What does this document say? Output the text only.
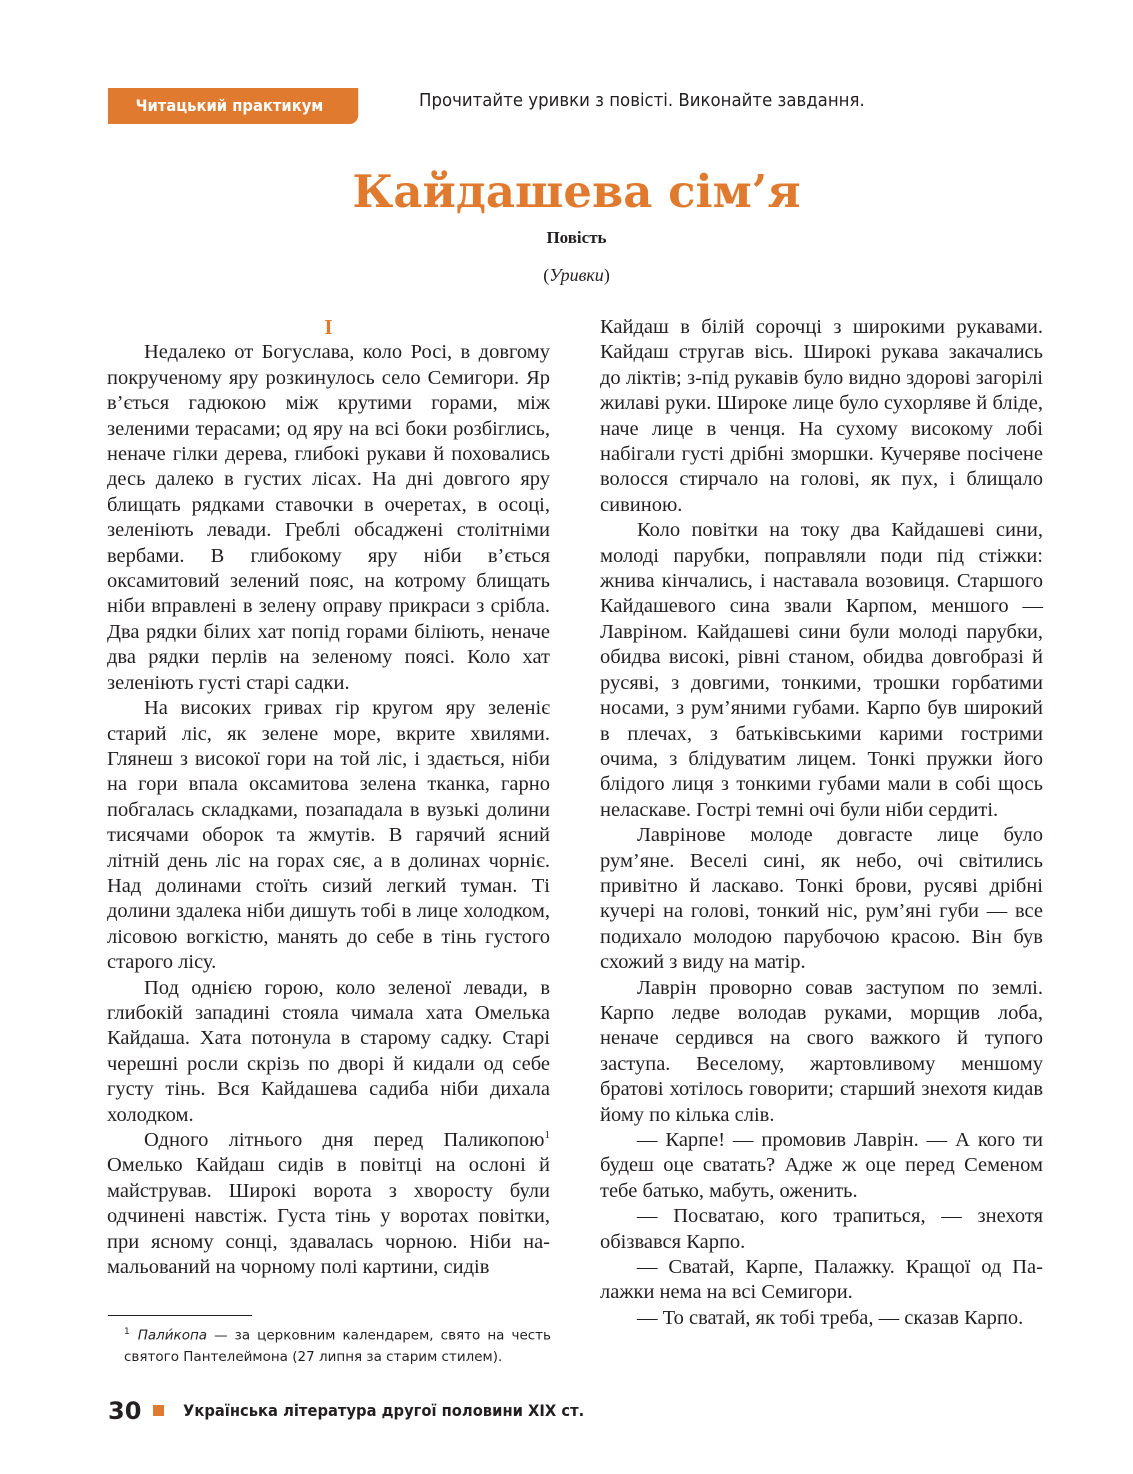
Читацький практикум	Прочитайте уривки з повісті. Виконайте завдання.
Кайдашева сім’я
Повість
(Уривки)
I

Недалеко от Богуслава, коло Росі, в довгому покрученому яру розкинулось село Семигори. Яр в’ється гадюкою між крутими горами, між зеленими терасами; од яру на всі боки розбіглись, неначе гілки дерева, глибокі рукави й поховались десь далеко в густих лісах. На дні довгого яру блищать рядками ставочки в очеретах, в осоці, зеленіють левади. Греблі обсаджені столітніми вербами. В глибокому яру ніби в’ється оксамитовий зелений пояс, на котрому блищать ніби вправлені в зелену оправу прикраси з срібла. Два рядки білих хат попід горами біліють, неначе два рядки перлів на зеленому поясі. Коло хат зеленіють густі старі садки.

На високих гривах гір кругом яру зеленіє старий ліс, як зелене море, вкрите хвилями. Глянеш з високої гори на той ліс, і здається, ніби на гори впала оксамитова зелена тканка, гарно побгалась складками, позападала в вузькі долини тисячами оборок та жмутів. В гарячий ясний літній день ліс на горах сяє, а в долинах чорніє. Над долинами стоїть сизий легкий туман. Ті долини здалека ніби дишуть тобі в лице холодком, лісовою вогкістю, манять до себе в тінь густого старого лісу.

Под однією горою, коло зеленої левади, в глибокій западині стояла чимала хата Омелька Кайдаша. Хата потонула в старому садку. Старі черешні росли скрізь по дворі й кидали од себе густу тінь. Вся Кайдашева садиба ніби дихала холодком.

Одного літнього дня перед Паликопою$^1$ Омелько Кайдаш сидів в повітці на ослоні й майстрував. Широкі ворота з хворосту були одчинені навстіж. Густа тінь у воротах повітки, при ясному сонці, здавалась чорною. Ніби намальований на чорному полі картини, сидів

Кайдаш в білій сорочці з широкими рукавами. Кайдаш стругав вісь. Широкі рукава закачались до ліктів; з-під рукавів було видно здорові загорілі жилаві руки. Широке лице було сухорляве й бліде, наче лице в ченця. На сухому високому лобі набігали густі дрібні зморшки. Кучеряве посічене волосся стирчало на голові, як пух, і блищало сивиною.

Коло повітки на току два Кайдашеві сини, молоді парубки, поправляли поди під стіжки: жнива кінчались, і наставала возовиця. Старшого Кайдашевого сина звали Карпом, меншого — Лавріном. Кайдашеві сини були молоді парубки, обидва високі, рівні станом, обидва довгобразі й русяві, з довгими, тонкими, трошки горбатими носами, з рум’яними губами. Карпо був широкий в плечах, з батьківськими карими гострими очима, з блідуватим лицем. Тонкі пружки його блідого лиця з тонкими губами мали в собі щось неласкаве. Гострі темні очі були ніби сердиті.

Лаврінове молоде довгасте лице було рум’яне. Веселі сині, як небо, очі світились привітно й ласкаво. Тонкі брови, русяві дрібні кучері на голові, тонкий ніс, рум’яні губи — все подихало молодою парубочою красою. Він був схожий з виду на матір.

Лаврін проворно совав заступом по землі. Карпо ледве володав руками, морщив лоба, неначе сердився на свого важкого й тупого заступа. Веселому, жартовливому меншому братові хотілось говорити; старший знехотя кидав йому по кілька слів.

— Карпе! — промовив Лаврін. — А кого ти будеш оце сватать? Адже ж оце перед Семеном тебе батько, мабуть, оженить.

— Посватаю, кого трапиться, — знехотя обізвався Карпо.

— Сватай, Карпе, Палажку. Кращої од Палажки нема на всі Семигори.

— То сватай, як тобі треба, — сказав Карпо.

$^1$ Пали́копа — за церковним календарем, свято на честь святого Пантелеймона (27 липня за старим стилем).
30	Українська література другої половини XIX ст.
